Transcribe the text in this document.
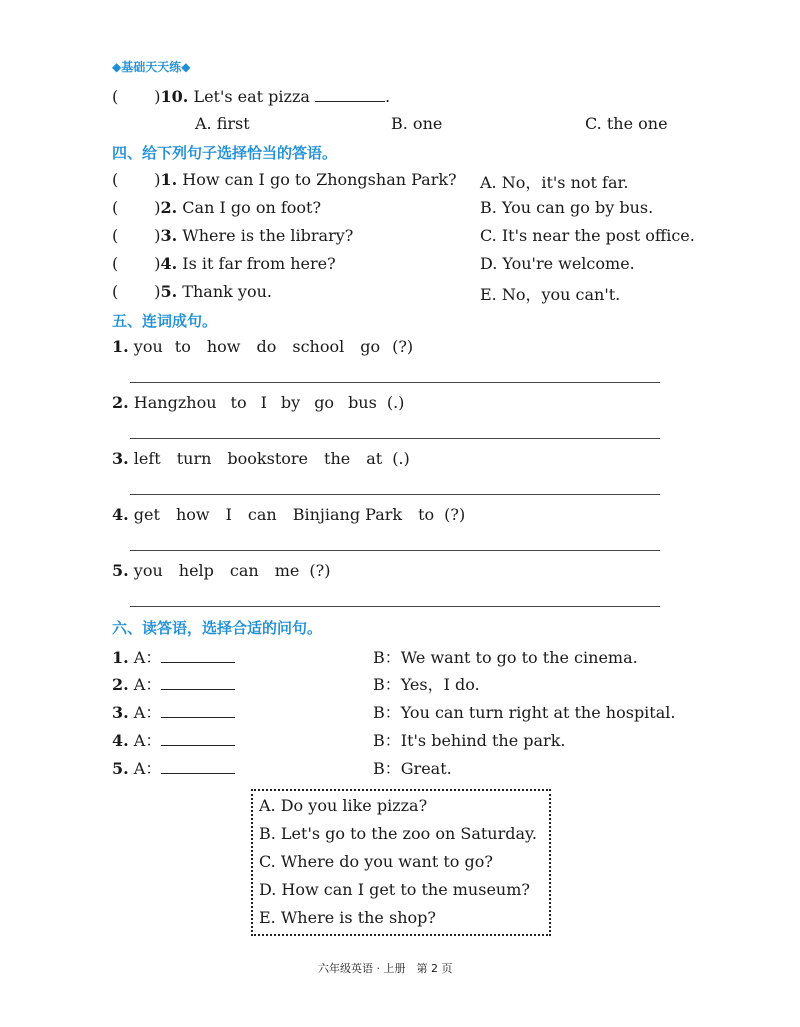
◆基础天天练◆
( )10. Let's eat pizza	.
A. first	B. one	C. the one
四、给下列句子选择恰当的答语。
( )1. How can I go to Zhongshan Park? A. No，it's not far.
( )2. Can I go on foot?	B. You can go by bus.
( )3. Where is the library?	C. It's near the post office.
( )4. Is it far from here?	D. You're welcome.
( )5. Thank you.	E. No，you can't.
五、连词成句。
1. you to how do school go (?)
2. Hangzhou to I by go bus (.)
3. left turn bookstore the at (.)
4. get how I can Binjiang Park to (?)
5. you help can me (?)
六、读答语，选择合适的问句。
1. A：	B：We want to go to the cinema.
2. A：	B：Yes，I do.
3. A：	B：You can turn right at the hospital.
4. A：	B：It's behind the park.
5. A：	B：Great.
A. Do you like pizza?
B. Let's go to the zoo on Saturday.
C. Where do you want to go?
D. How can I get to the museum?
E. Where is the shop?
六年级英语 · 上册　第 2 页
